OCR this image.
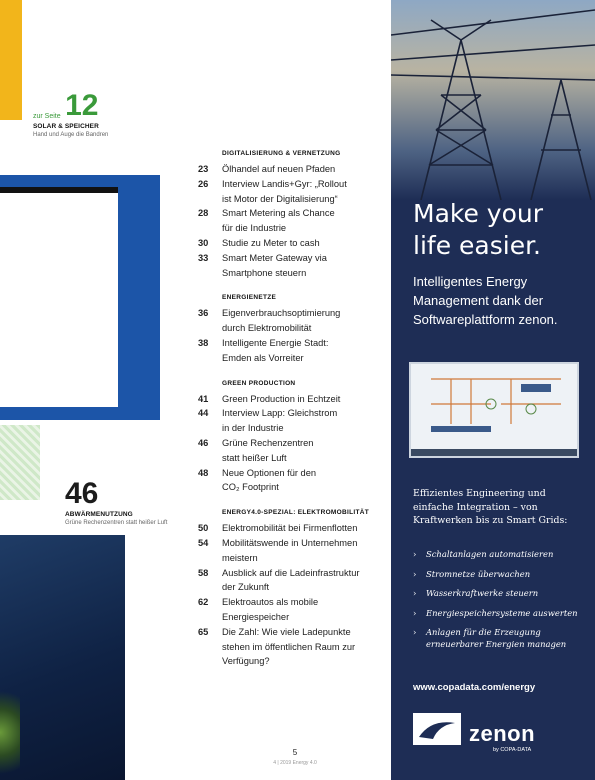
zur Seite 12
SOLAR & SPEICHER
Hand und Auge die Bandren
46
ABWÄRMENUTZUNG
Grüne Rechenzentren statt heißer Luft
DIGITALISIERUNG & VERNETZUNG
23	Ölhandel auf neuen Pfaden
26	Interview Landis+Gyr: „Rollout
ist Motor der Digitalisierung“
28	Smart Metering als Chance
für die Industrie
30	Studie zu Meter to cash
33	Smart Meter Gateway via
Smartphone steuern
ENERGIENETZE
36	Eigenverbrauchsoptimierung
durch Elektromobilität
38	Intelligente Energie Stadt:
Emden als Vorreiter
GREEN PRODUCTION
41	Green Production in Echtzeit
44	Interview Lapp: Gleichstrom
in der Industrie
46	Grüne Rechenzentren
statt heißer Luft
48	Neue Optionen für den
CO₂ Footprint
ENERGY4.0-SPEZIAL: ELEKTROMOBILITÄT
50	Elektromobilität bei Firmenflotten
54	Mobilitätswende in Unternehmen
meistern
58	Ausblick auf die Ladeinfrastruktur
der Zukunft
62	Elektroautos als mobile
Energiespeicher
65	Die Zahl: Wie viele Ladepunkte
stehen im öffentlichen Raum zur
Verfügung?
5
4 | 2019 Energy 4.0
Make your life easier.
Intelligentes Energy Management dank der Softwareplattform zenon.
Effizientes Engineering und einfache Integration – von Kraftwerken bis zu Smart Grids:
› Schaltanlagen automatisieren
› Stromnetze überwachen
› Wasserkraftwerke steuern
› Energiespeichersysteme auswerten
› Anlagen für die Erzeugung
erneuerbarer Energien managen
www.copadata.com/energy
zenon
by COPA-DATA
